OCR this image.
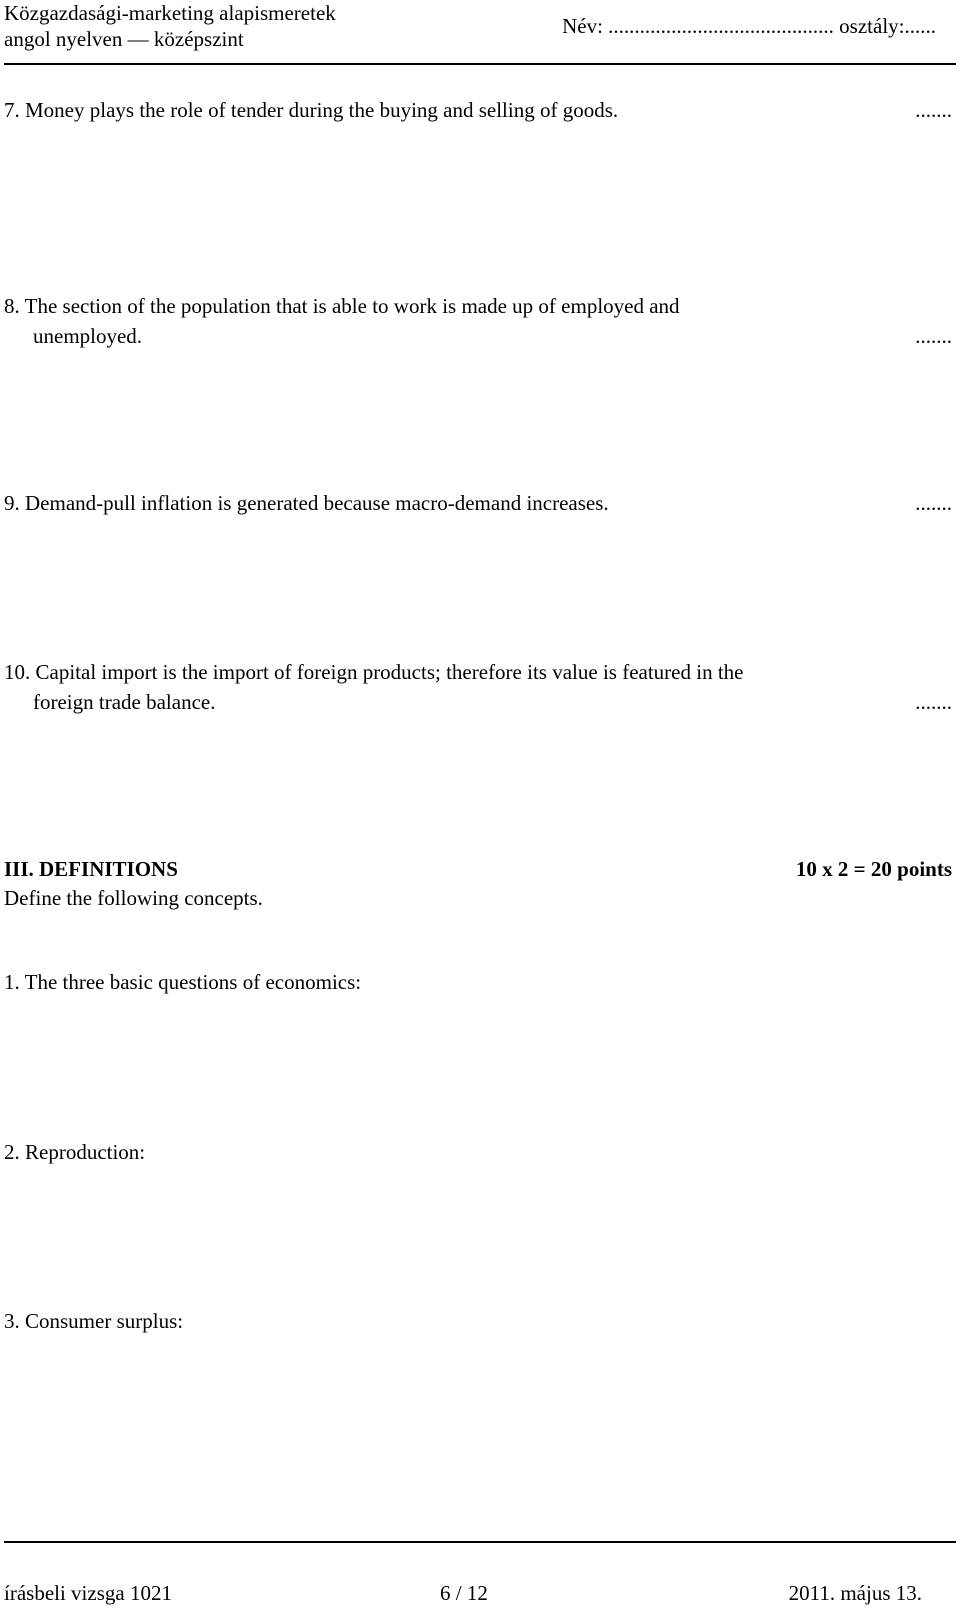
Közgazdasági-marketing alapismeretek
angol nyelven — középszint
Név: ........................................... osztály:......
7. Money plays the role of tender during the buying and selling of goods.	.......
8. The section of the population that is able to work is made up of employed and
unemployed.	.......
9. Demand-pull inflation is generated because macro-demand increases.	.......
10. Capital import is the import of foreign products; therefore its value is featured in the
foreign trade balance.	.......
III. DEFINITIONS	10 x 2 = 20 points
Define the following concepts.
1. The three basic questions of economics:
2. Reproduction:
3. Consumer surplus:
írásbeli vizsga 1021	6 / 12	2011. május 13.
